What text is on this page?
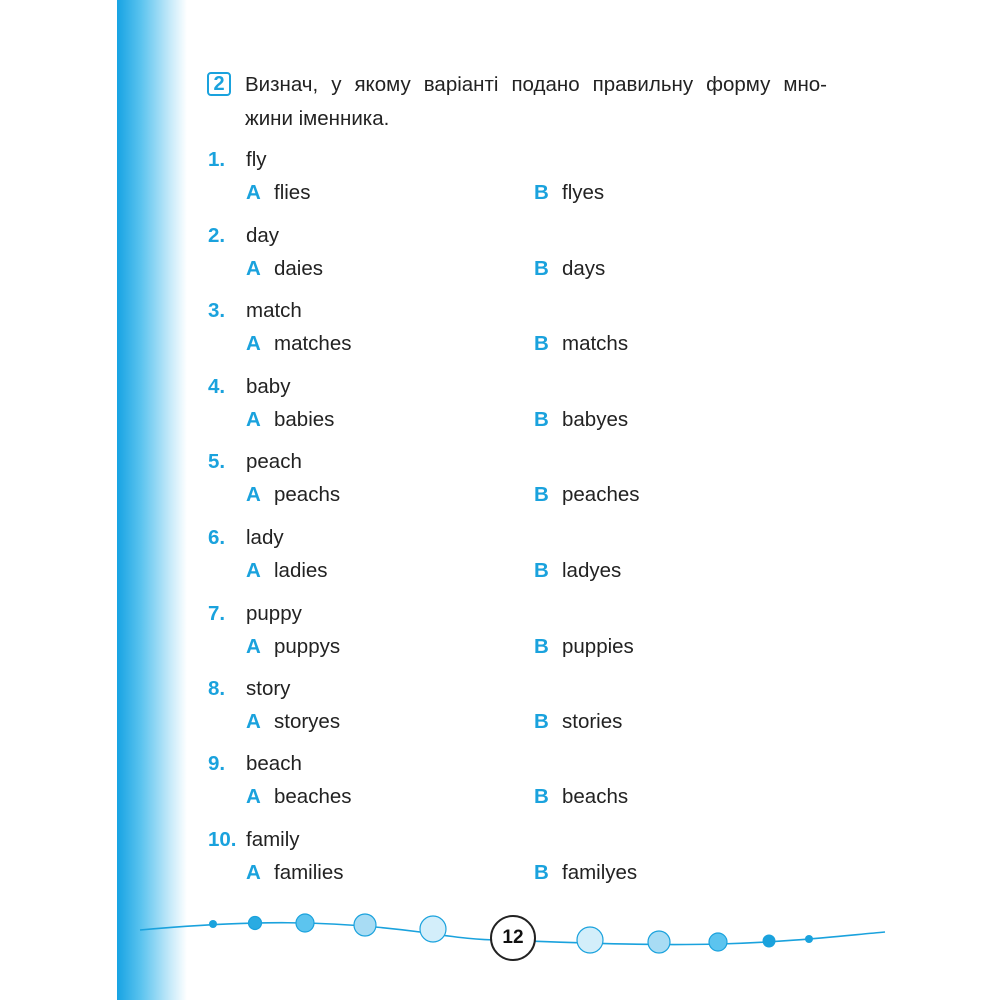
2 Визнач, у якому варіанті подано правильну форму мно-
жини іменника.
1. fly
A flies	B flyes
2. day
A daies	B days
3. match
A matches	B matchs
4. baby
A babies	B babyes
5. peach
A peachs	B peaches
6. lady
A ladies	B ladyes
7. puppy
A puppys	B puppies
8. story
A storyes	B stories
9. beach
A beaches	B beachs
10. family
A families	B familyes
12
